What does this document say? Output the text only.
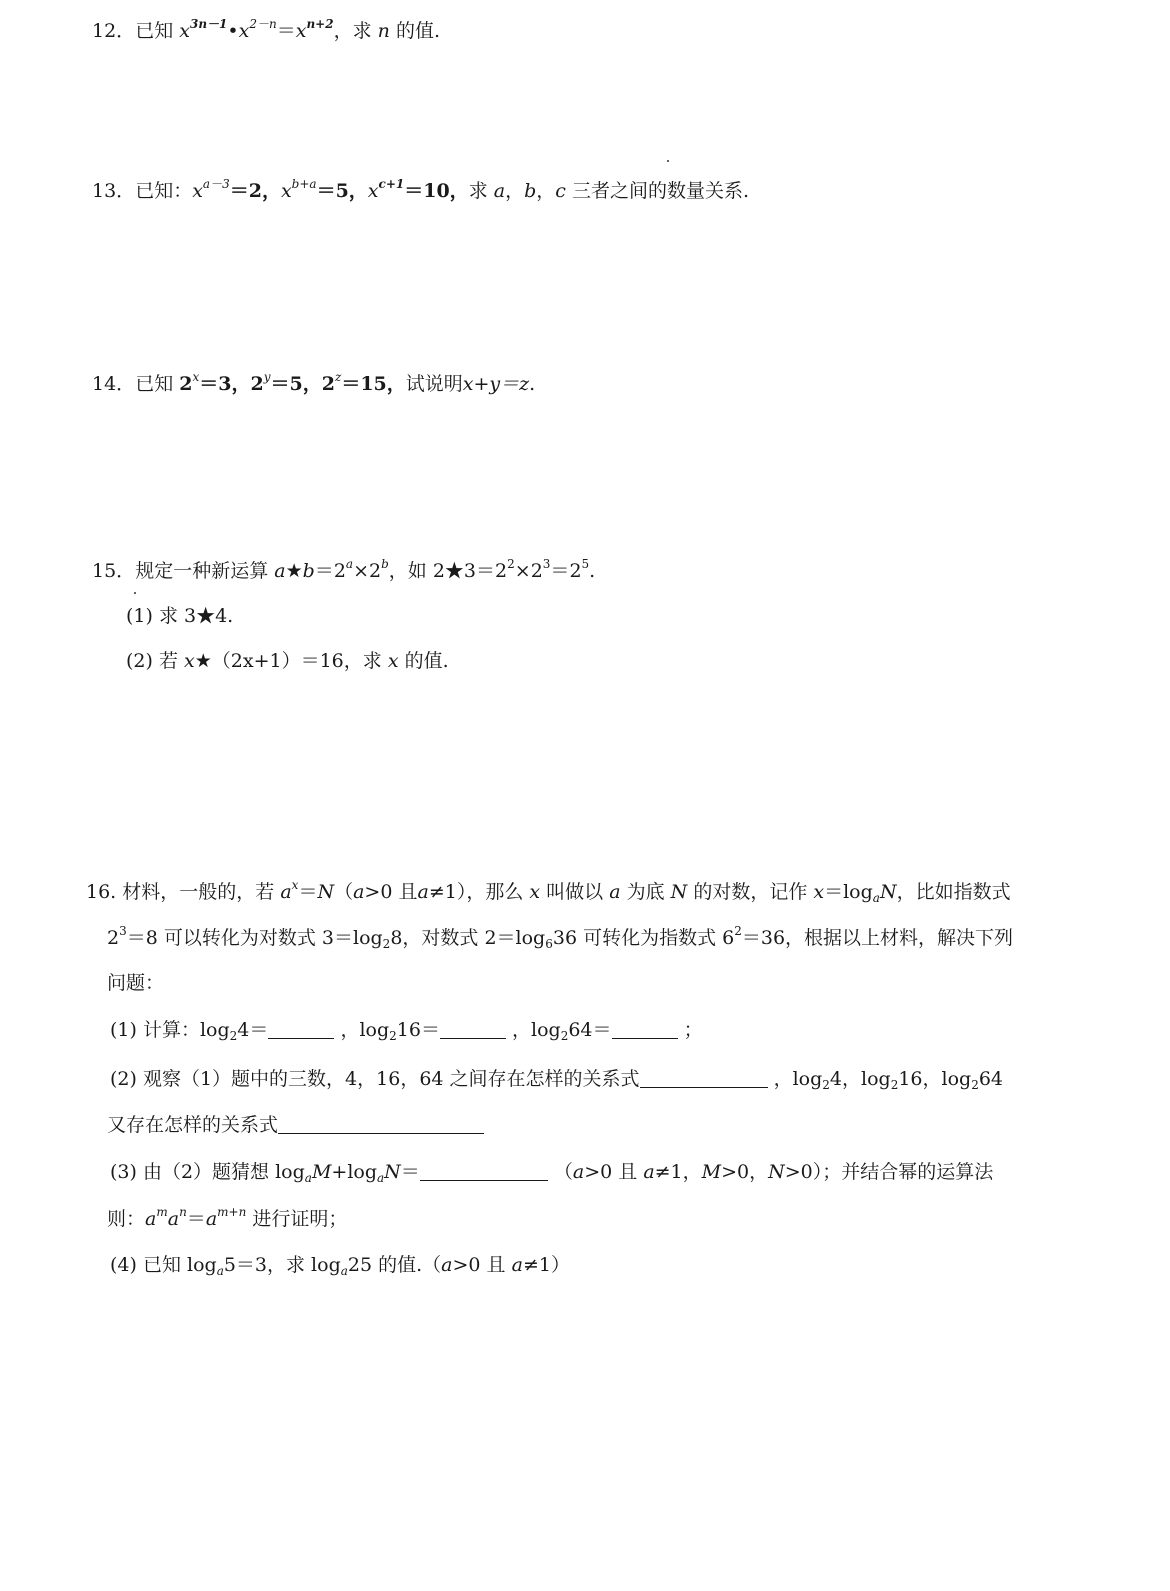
12．已知 $x^{3n-1}•x^{2-n}=x^{n+2}$，求 n 的值.
13．已知：$x^{a-3}=2$，$x^{b+a}=5$，$x^{c+1}=10$，求 a，b，c 三者之间的数量关系.
14．已知 $2^x=3$，$2^y=5$，$2^z=15$，试说明x+y＝z.
15．规定一种新运算 $a★b=2^a\times 2^b$，如 $2★3=2^2\times 2^3=2^5$.
(1) 求 3★4.
(2) 若 x★（2x+1）＝16，求 x 的值.
16. 材料，一般的，若 $a^x=N(a>0$ 且a≠1），那么 x 叫做以 a 为底 N 的对数，记作 $x=\log_aN$，比如指数式
$2^3=8$ 可以转化为对数式 $3=\log_28$，对数式 $2=\log_636$ 可转化为指数式 $6^2=36$，根据以上材料，解决下列
问题：
(1) 计算：$\log_24=$	，$\log_216=$	，$\log_264=$	；
(2) 观察（1）题中的三数，4，16，64 之间存在怎样的关系式	，$\log_24$，$\log_216$，$\log_264$
又存在怎样的关系式
(3) 由（2）题猜想 $\log_aM+\log_aN=$	（a>0 且 a≠1，M>0，N>0）；并结合幂的运算法
则：$a^ma^n=a^{m+n}$ 进行证明；
(4) 已知 $\log_a5=3$，求 $\log_a25$ 的值.（a>0 且 a≠1）
